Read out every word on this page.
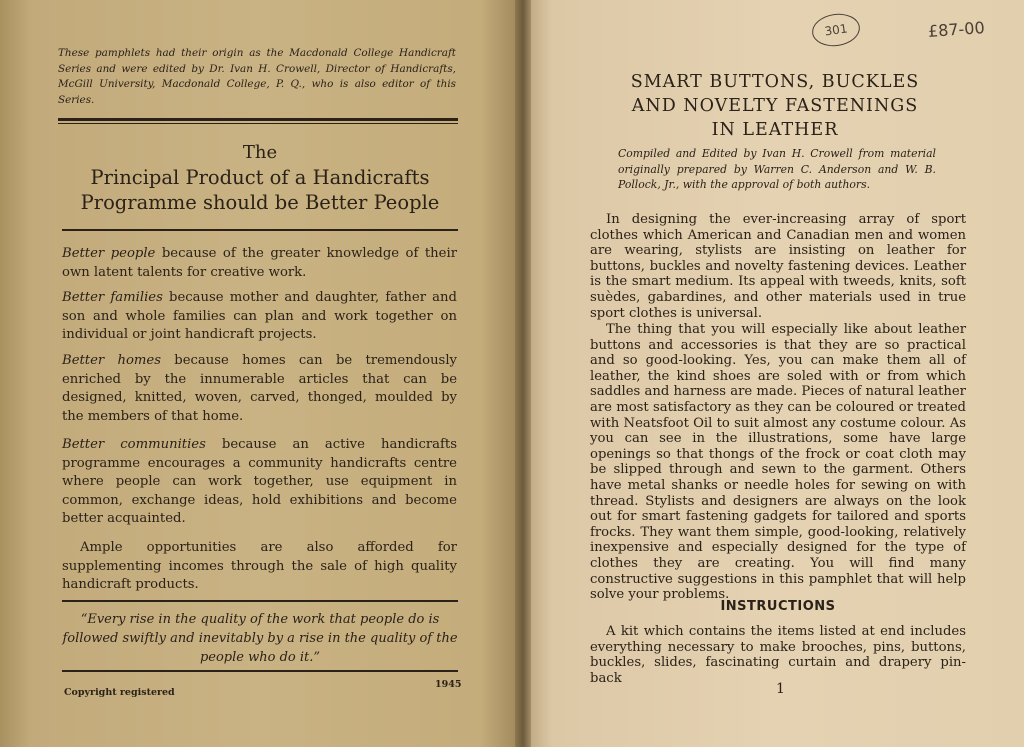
These pamphlets had their origin as the Macdonald College Handicraft Series and were edited by Dr. Ivan H. Crowell, Director of Handicrafts, McGill University, Macdonald College, P. Q., who is also editor of this Series.
The
Principal Product of a Handicrafts
Programme should be Better People
Better people because of the greater knowledge of their own latent talents for creative work.
Better families because mother and daughter, father and son and whole families can plan and work together on individual or joint handicraft projects.
Better homes because homes can be tremendously enriched by the innumerable articles that can be designed, knitted, woven, carved, thonged, moulded by the members of that home.
Better communities because an active handicrafts programme encourages a community handicrafts centre where people can work together, use equipment in common, exchange ideas, hold exhibitions and become better acquainted.
Ample opportunities are also afforded for supplementing incomes through the sale of high quality handicraft products.
“Every rise in the quality of the work that people do is followed swiftly and inevitably by a rise in the quality of the people who do it.”
Copyright registered
1945
301	£87-00
SMART BUTTONS, BUCKLES
AND NOVELTY FASTENINGS
IN LEATHER
Compiled and Edited by Ivan H. Crowell from material originally prepared by Warren C. Anderson and W. B. Pollock, Jr., with the approval of both authors.

In designing the ever-increasing array of sport clothes which American and Canadian men and women are wearing, stylists are insisting on leather for buttons, buckles and novelty fastening devices. Leather is the smart medium. Its appeal with tweeds, knits, soft suèdes, gabardines, and other materials used in true sport clothes is universal.

The thing that you will especially like about leather buttons and accessories is that they are so practical and so good-looking. Yes, you can make them all of leather, the kind shoes are soled with or from which saddles and harness are made. Pieces of natural leather are most satisfactory as they can be coloured or treated with Neatsfoot Oil to suit almost any costume colour. As you can see in the illustrations, some have large openings so that thongs of the frock or coat cloth may be slipped through and sewn to the garment. Others have metal shanks or needle holes for sewing on with thread. Stylists and designers are always on the look out for smart fastening gadgets for tailored and sports frocks. They want them simple, good-looking, relatively inexpensive and especially designed for the type of clothes they are creating. You will find many constructive suggestions in this pamphlet that will help solve your problems.

INSTRUCTIONS

A kit which contains the items listed at end includes everything necessary to make brooches, pins, buttons, buckles, slides, fascinating curtain and drapery pin-back

1
